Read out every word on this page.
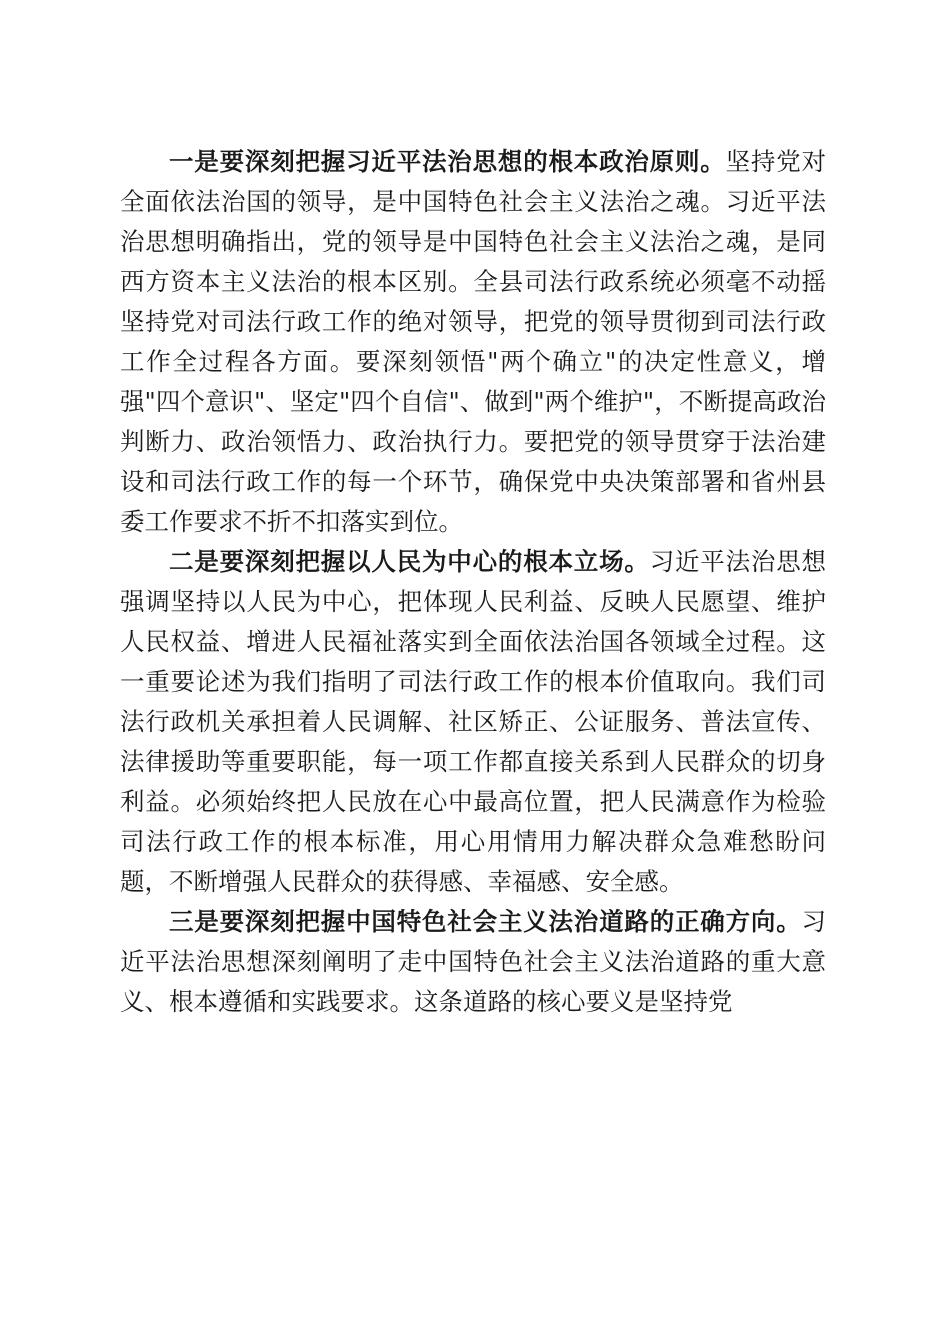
一是要深刻把握习近平法治思想的根本政治原则。坚持党对全面依法治国的领导，是中国特色社会主义法治之魂。习近平法治思想明确指出，党的领导是中国特色社会主义法治之魂，是同西方资本主义法治的根本区别。全县司法行政系统必须毫不动摇坚持党对司法行政工作的绝对领导，把党的领导贯彻到司法行政工作全过程各方面。要深刻领悟"两个确立"的决定性意义，增强"四个意识"、坚定"四个自信"、做到"两个维护"，不断提高政治判断力、政治领悟力、政治执行力。要把党的领导贯穿于法治建设和司法行政工作的每一个环节，确保党中央决策部署和省州县委工作要求不折不扣落实到位。

二是要深刻把握以人民为中心的根本立场。习近平法治思想强调坚持以人民为中心，把体现人民利益、反映人民愿望、维护人民权益、增进人民福祉落实到全面依法治国各领域全过程。这一重要论述为我们指明了司法行政工作的根本价值取向。我们司法行政机关承担着人民调解、社区矫正、公证服务、普法宣传、法律援助等重要职能，每一项工作都直接关系到人民群众的切身利益。必须始终把人民放在心中最高位置，把人民满意作为检验司法行政工作的根本标准，用心用情用力解决群众急难愁盼问题，不断增强人民群众的获得感、幸福感、安全感。

三是要深刻把握中国特色社会主义法治道路的正确方向。习近平法治思想深刻阐明了走中国特色社会主义法治道路的重大意义、根本遵循和实践要求。这条道路的核心要义是坚持党
